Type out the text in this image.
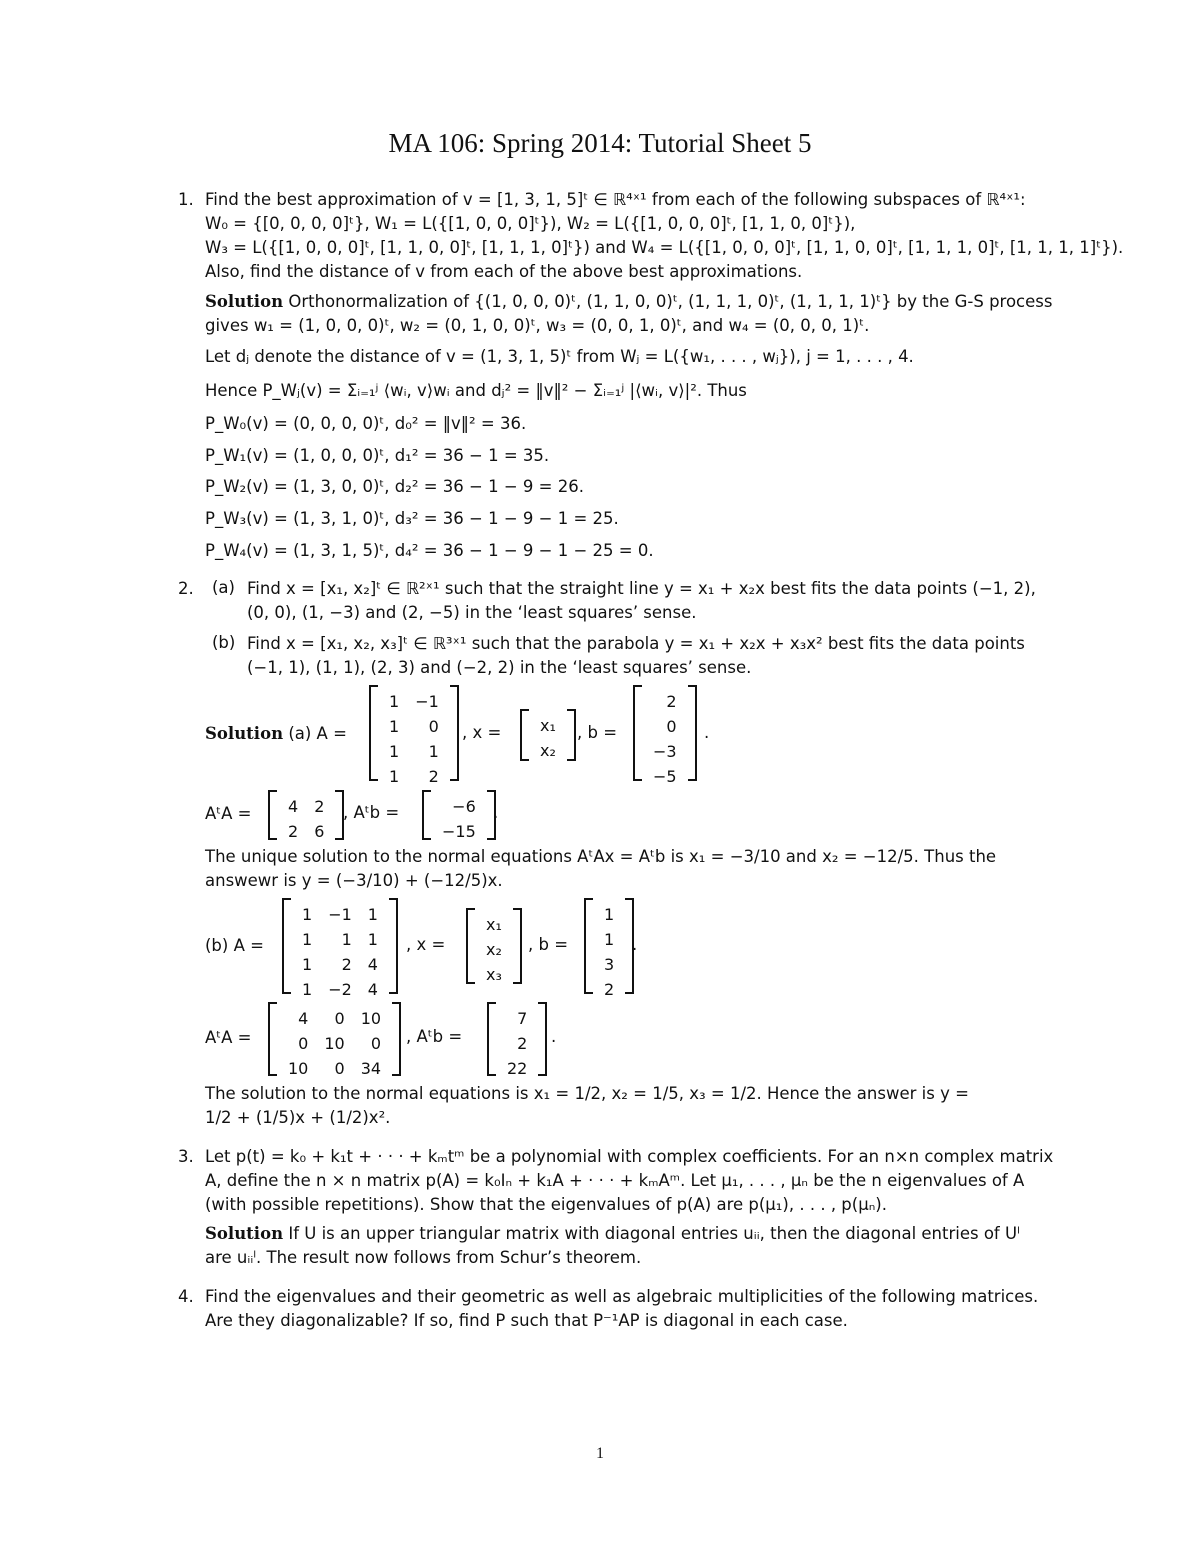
MA 106: Spring 2014: Tutorial Sheet 5
1. Find the best approximation of v = [1, 3, 1, 5]ᵗ ∈ ℝ⁴ˣ¹ from each of the following subspaces of ℝ⁴ˣ¹:
W₀ = {[0, 0, 0, 0]ᵗ}, W₁ = L({[1, 0, 0, 0]ᵗ}), W₂ = L({[1, 0, 0, 0]ᵗ, [1, 1, 0, 0]ᵗ}),
W₃ = L({[1, 0, 0, 0]ᵗ, [1, 1, 0, 0]ᵗ, [1, 1, 1, 0]ᵗ}) and W₄ = L({[1, 0, 0, 0]ᵗ, [1, 1, 0, 0]ᵗ, [1, 1, 1, 0]ᵗ, [1, 1, 1, 1]ᵗ}).
Also, find the distance of v from each of the above best approximations.
Solution Orthonormalization of {(1, 0, 0, 0)ᵗ, (1, 1, 0, 0)ᵗ, (1, 1, 1, 0)ᵗ, (1, 1, 1, 1)ᵗ} by the G-S process
gives w₁ = (1, 0, 0, 0)ᵗ, w₂ = (0, 1, 0, 0)ᵗ, w₃ = (0, 0, 1, 0)ᵗ, and w₄ = (0, 0, 0, 1)ᵗ.
Let dⱼ denote the distance of v = (1, 3, 1, 5)ᵗ from Wⱼ = L({w₁, . . . , wⱼ}), j = 1, . . . , 4.
Hence P_Wⱼ(v) = Σᵢ₌₁ʲ ⟨wᵢ, v⟩wᵢ and dⱼ² = ‖v‖² − Σᵢ₌₁ʲ |⟨wᵢ, v⟩|². Thus
P_W₀(v) = (0, 0, 0, 0)ᵗ, d₀² = ‖v‖² = 36.
P_W₁(v) = (1, 0, 0, 0)ᵗ, d₁² = 36 − 1 = 35.
P_W₂(v) = (1, 3, 0, 0)ᵗ, d₂² = 36 − 1 − 9 = 26.
P_W₃(v) = (1, 3, 1, 0)ᵗ, d₃² = 36 − 1 − 9 − 1 = 25.
P_W₄(v) = (1, 3, 1, 5)ᵗ, d₄² = 36 − 1 − 9 − 1 − 25 = 0.
2. (a) Find x = [x₁, x₂]ᵗ ∈ ℝ²ˣ¹ such that the straight line y = x₁ + x₂x best fits the data points (−1, 2),
(0, 0), (1, −3) and (2, −5) in the ‘least squares’ sense.
(b) Find x = [x₁, x₂, x₃]ᵗ ∈ ℝ³ˣ¹ such that the parabola y = x₁ + x₂x + x₃x² best fits the data points
(−1, 1), (1, 1), (2, 3) and (−2, 2) in the ‘least squares’ sense.
Solution (a) A =
1	−1
1	0
1	1
1	2
, x =	x₁
x₂
, b =
2
0
−3
−5
.
AᵗA =	4	2
2	6
, Aᵗb =	−6
−15
.
The unique solution to the normal equations AᵗAx = Aᵗb is x₁ = −3/10 and x₂ = −12/5. Thus the
answewr is y = (−3/10) + (−12/5)x.
(b) A =
1	−1	1
1	1	1
1	2	4
1	−2	4
, x =
x₁
x₂
x₃
, b =
1
1
3
2
.
AᵗA =
4	0	10
0	10	0
10	0	34
, Aᵗb =
7
2
22
.
The solution to the normal equations is x₁ = 1/2, x₂ = 1/5, x₃ = 1/2. Hence the answer is y =
1/2 + (1/5)x + (1/2)x².
3. Let p(t) = k₀ + k₁t + · · · + kₘtᵐ be a polynomial with complex coefficients. For an n×n complex matrix
A, define the n × n matrix p(A) = k₀Iₙ + k₁A + · · · + kₘAᵐ. Let μ₁, . . . , μₙ be the n eigenvalues of A
(with possible repetitions). Show that the eigenvalues of p(A) are p(μ₁), . . . , p(μₙ).
Solution If U is an upper triangular matrix with diagonal entries uᵢᵢ, then the diagonal entries of Uˡ
are uᵢᵢˡ. The result now follows from Schur’s theorem.
4. Find the eigenvalues and their geometric as well as algebraic multiplicities of the following matrices.
Are they diagonalizable? If so, find P such that P⁻¹AP is diagonal in each case.
1
